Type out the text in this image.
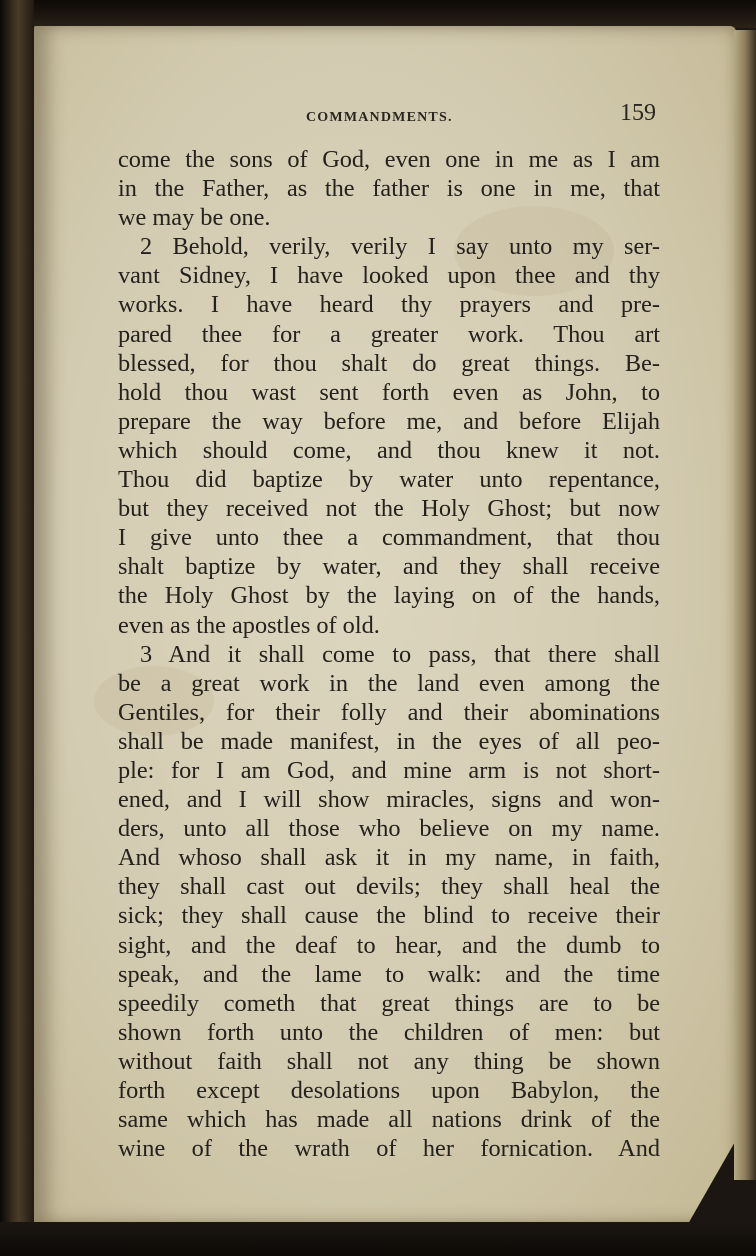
COMMANDMENTS.	159
come the sons of God, even one in me as I am
in the Father, as the father is one in me, that
we may be one.
2 Behold, verily, verily I say unto my ser-
vant Sidney, I have looked upon thee and thy
works. I have heard thy prayers and pre-
pared thee for a greater work. Thou art
blessed, for thou shalt do great things. Be-
hold thou wast sent forth even as John, to
prepare the way before me, and before Elijah
which should come, and thou knew it not.
Thou did baptize by water unto repentance,
but they received not the Holy Ghost; but now
I give unto thee a commandment, that thou
shalt baptize by water, and they shall receive
the Holy Ghost by the laying on of the hands,
even as the apostles of old.
3 And it shall come to pass, that there shall
be a great work in the land even among the
Gentiles, for their folly and their abominations
shall be made manifest, in the eyes of all peo-
ple: for I am God, and mine arm is not short-
ened, and I will show miracles, signs and won-
ders, unto all those who believe on my name.
And whoso shall ask it in my name, in faith,
they shall cast out devils; they shall heal the
sick; they shall cause the blind to receive their
sight, and the deaf to hear, and the dumb to
speak, and the lame to walk: and the time
speedily cometh that great things are to be
shown forth unto the children of men: but
without faith shall not any thing be shown
forth except desolations upon Babylon, the
same which has made all nations drink of the
wine of the wrath of her fornication. And
